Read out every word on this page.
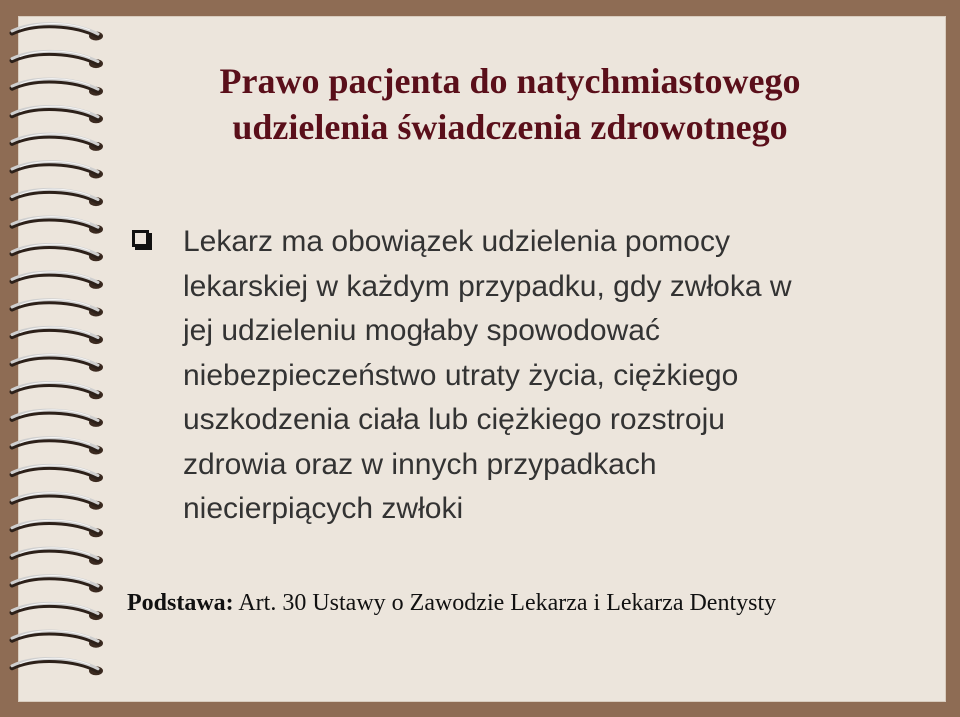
Prawo pacjenta do natychmiastowego
udzielenia świadczenia zdrowotnego

Lekarz ma obowiązek udzielenia pomocy
lekarskiej w każdym przypadku, gdy zwłoka w
jej udzieleniu mogłaby spowodować
niebezpieczeństwo utraty życia, ciężkiego
uszkodzenia ciała lub ciężkiego rozstroju
zdrowia oraz w innych przypadkach
niecierpiących zwłoki

Podstawa: Art. 30 Ustawy o Zawodzie Lekarza i Lekarza Dentysty
